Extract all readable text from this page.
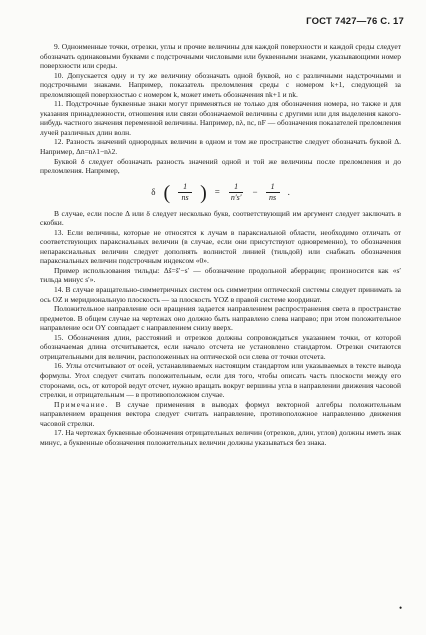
ГОСТ 7427—76 С. 17

9. Одноименные точки, отрезки, углы и прочие величины для каждой поверхности и каждой среды следует обозначать одинаковыми буквами с подстрочными числовыми или буквенными знаками, указывающими номер поверхности или среды.

10. Допускается одну и ту же величину обозначать одной буквой, но с различными надстрочными и подстрочными знаками. Например, показатель преломления среды с номером k+1, следующей за преломляющей поверхностью с номером k, может иметь обозначения nk+1 и nk.

11. Подстрочные буквенные знаки могут применяться не только для обозначения номера, но также и для указания принадлежности, отношения или связи обозначаемой величины с другими или для выделения какого-нибудь частного значения переменной величины. Например, nλ, nc, nF — обозначения показателей преломления лучей различных длин волн.

12. Разность значений однородных величин в одном и том же пространстве следует обозначать буквой Δ. Например, Δn=nλ1−nλ2.

Буквой δ следует обозначать разность значений одной и той же величины после преломления и до преломления. Например,

δ ( $\frac{1}{ns}$ ) = $\frac{1}{n's'} - \frac{1}{ns}$ .

В случае, если после Δ или δ следует несколько букв, соответствующий им аргумент следует заключать в скобки.

13. Если величины, которые не относятся к лучам в параксиальной области, необходимо отличать от соответствующих параксиальных величин (в случае, если они присутствуют одновременно), то обозначения непараксиальных величин следует дополнять волнистой линией (тильдой) или снабжать обозначения параксиальных величин подстрочным индексом «0».

Пример использования тильды: Δs̃=s̃′−s′ — обозначение продольной аберрации; произносится как «s′ тильда минус s′».

14. В случае вращательно-симметричных систем ось симметрии оптической системы следует принимать за ось OZ и меридиональную плоскость — за плоскость YOZ в правой системе координат.

Положительное направление оси вращения задается направлением распространения света в пространстве предметов. В общем случае на чертежах оно должно быть направлено слева направо; при этом положительное направление оси OY совпадает с направлением снизу вверх.

15. Обозначения длин, расстояний и отрезков должны сопровождаться указанием точки, от которой обозначаемая длина отсчитывается, если начало отсчета не установлено стандартом. Отрезки считаются отрицательными для величин, расположенных на оптической оси слева от точки отсчета.

16. Углы отсчитывают от осей, устанавливаемых настоящим стандартом или указываемых в тексте вывода формулы. Угол следует считать положительным, если для того, чтобы описать часть плоскости между его сторонами, ось, от которой ведут отсчет, нужно вращать вокруг вершины угла в направлении движения часовой стрелки, и отрицательным — в противоположном случае.

Примечание. В случае применения в выводах формул векторной алгебры положительным направлением вращения вектора следует считать направление, противоположное направлению движения часовой стрелки.

17. На чертежах буквенные обозначения отрицательных величин (отрезков, длин, углов) должны иметь знак минус, а буквенные обозначения положительных величин должны указываться без знака.

•
